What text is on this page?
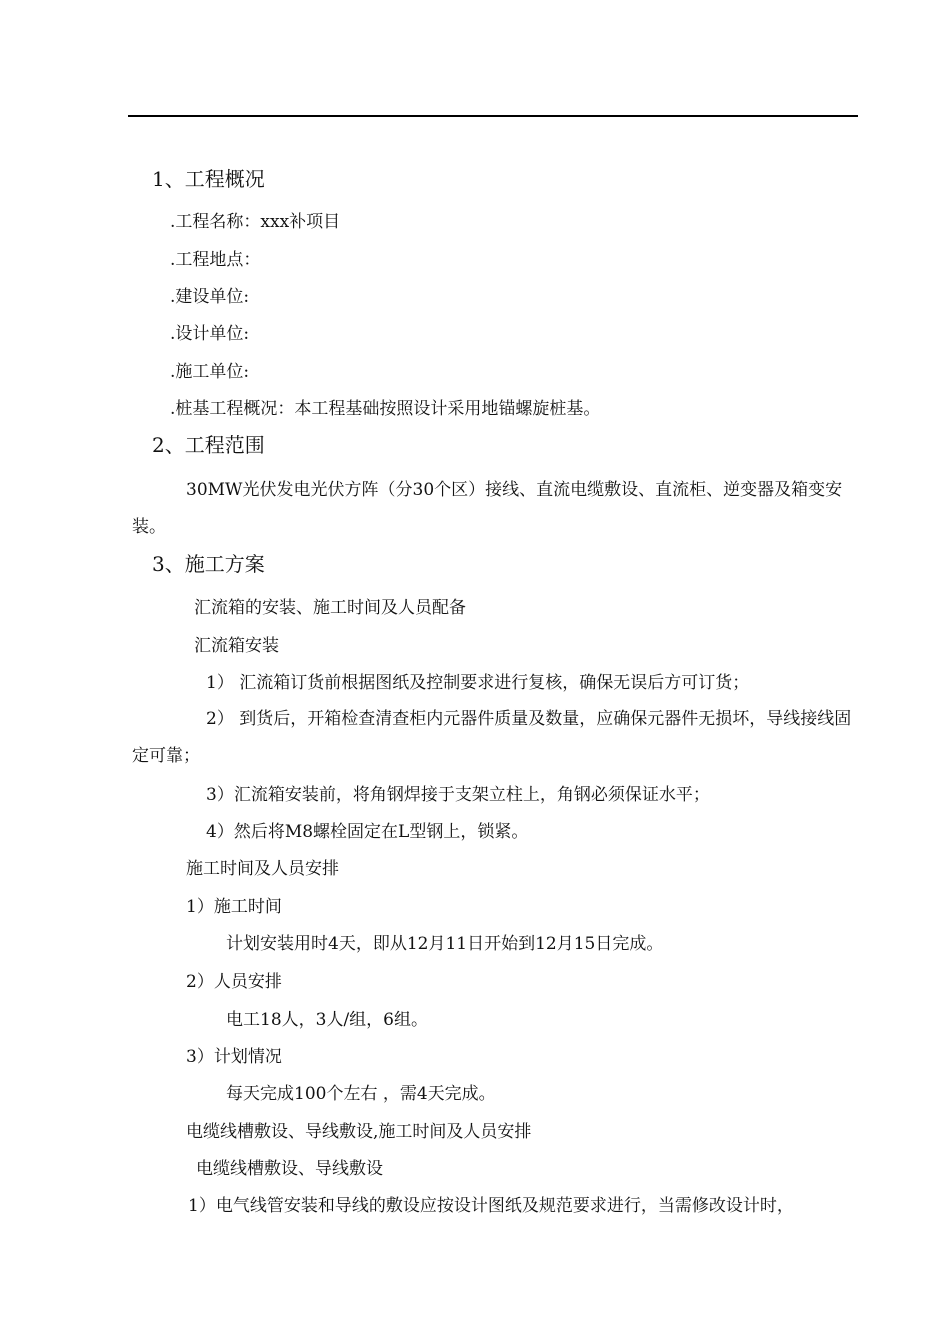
1、工程概况
.工程名称：xxx补项目
.工程地点：
.建设单位:
.设计单位:
.施工单位:
.桩基工程概况：本工程基础按照设计采用地锚螺旋桩基。
2、工程范围
30MW光伏发电光伏方阵（分30个区）接线、直流电缆敷设、直流柜、逆变器及箱变安装。
3、施工方案
汇流箱的安装、施工时间及人员配备
汇流箱安装
1） 汇流箱订货前根据图纸及控制要求进行复核，确保无误后方可订货；
2） 到货后，开箱检查清查柜内元器件质量及数量，应确保元器件无损坏，导线接线固定可靠；
3）汇流箱安装前，将角钢焊接于支架立柱上，角钢必须保证水平；
4）然后将M8螺栓固定在L型钢上，锁紧。
施工时间及人员安排
1）施工时间
计划安装用时4天，即从12月11日开始到12月15日完成。
2）人员安排
电工18人，3人/组，6组。
3）计划情况
每天完成100个左右 ，需4天完成。
电缆线槽敷设、导线敷设,施工时间及人员安排
电缆线槽敷设、导线敷设
1）电气线管安装和导线的敷设应按设计图纸及规范要求进行，当需修改设计时，
